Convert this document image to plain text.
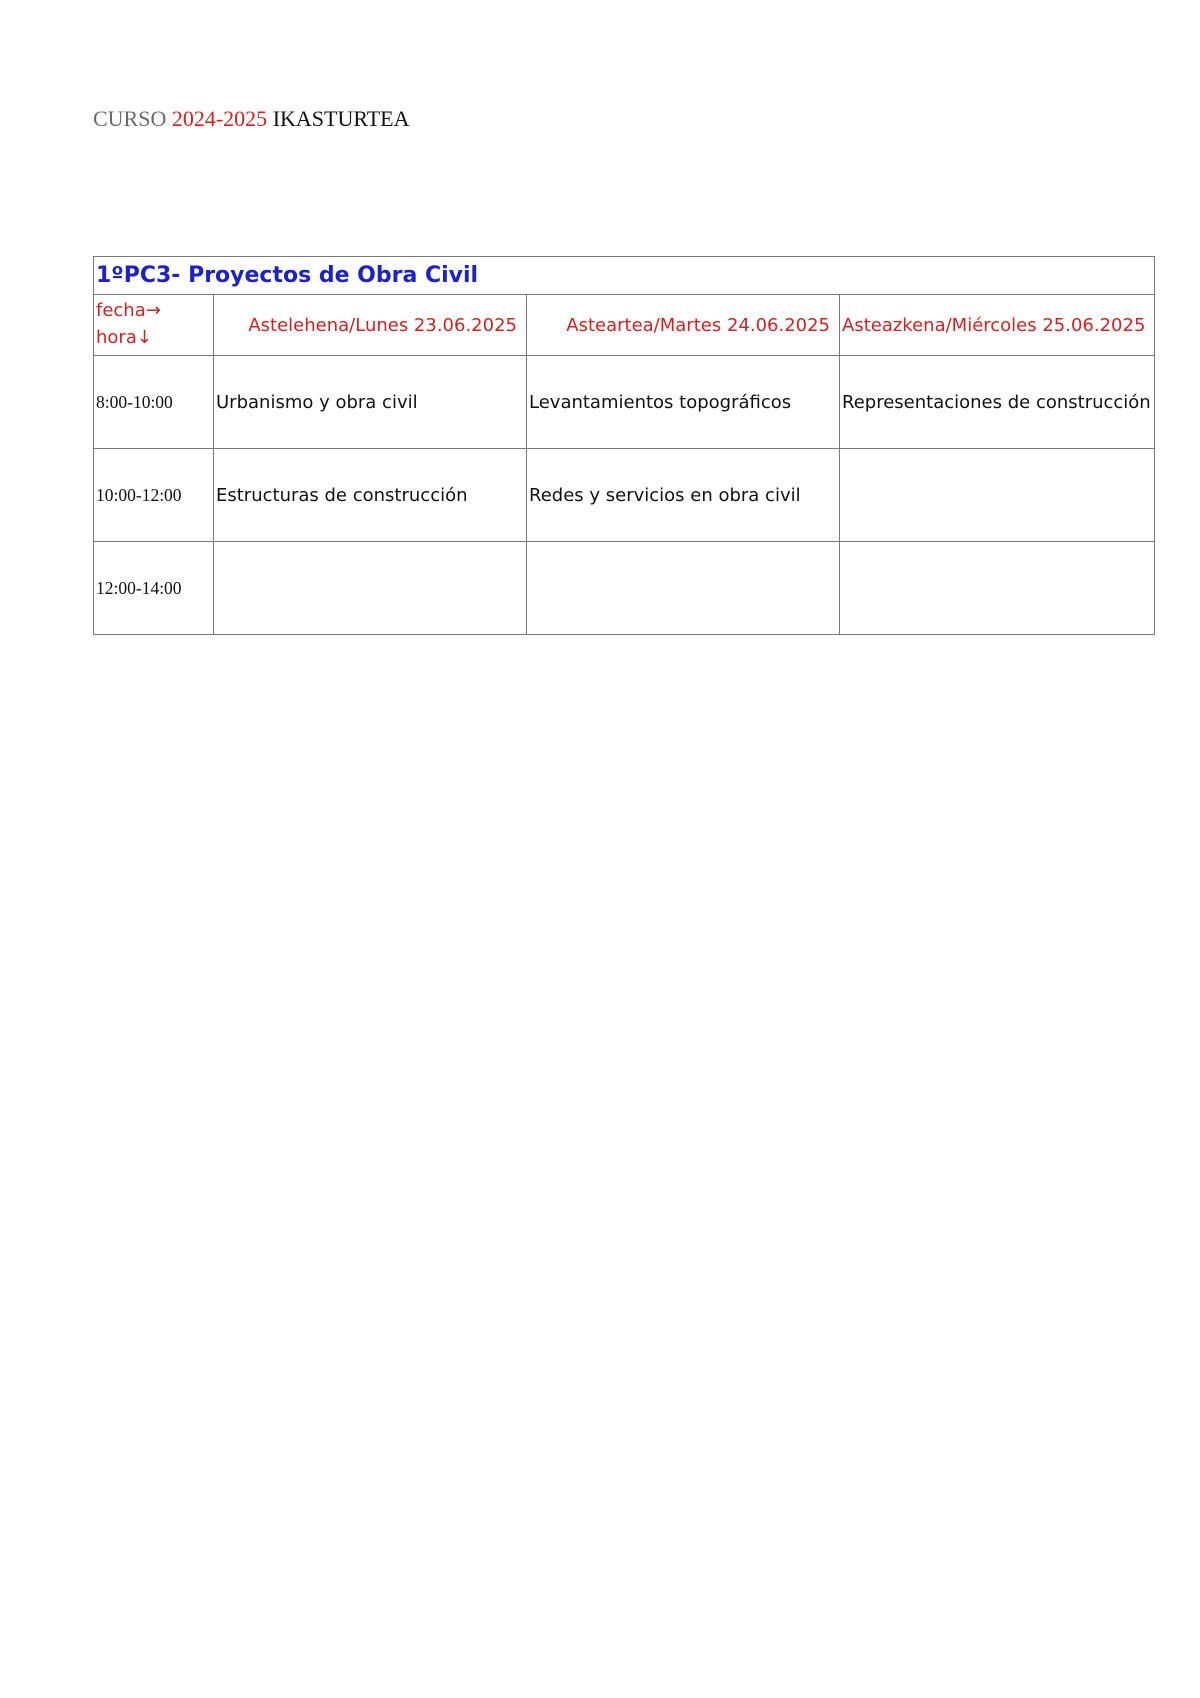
CURSO 2024-2025 IKASTURTEA
1ºPC3- Proyectos de Obra Civil			

fecha→
hora↓	Astelehena/Lunes 23.06.2025	Asteartea/Martes 24.06.2025	Asteazkena/Miércoles 25.06.2025
8:00-10:00	Urbanismo y obra civil	Levantamientos topográficos	Representaciones de construcción
10:00-12:00	Estructuras de construcción	Redes y servicios en obra civil	
12:00-14:00			
